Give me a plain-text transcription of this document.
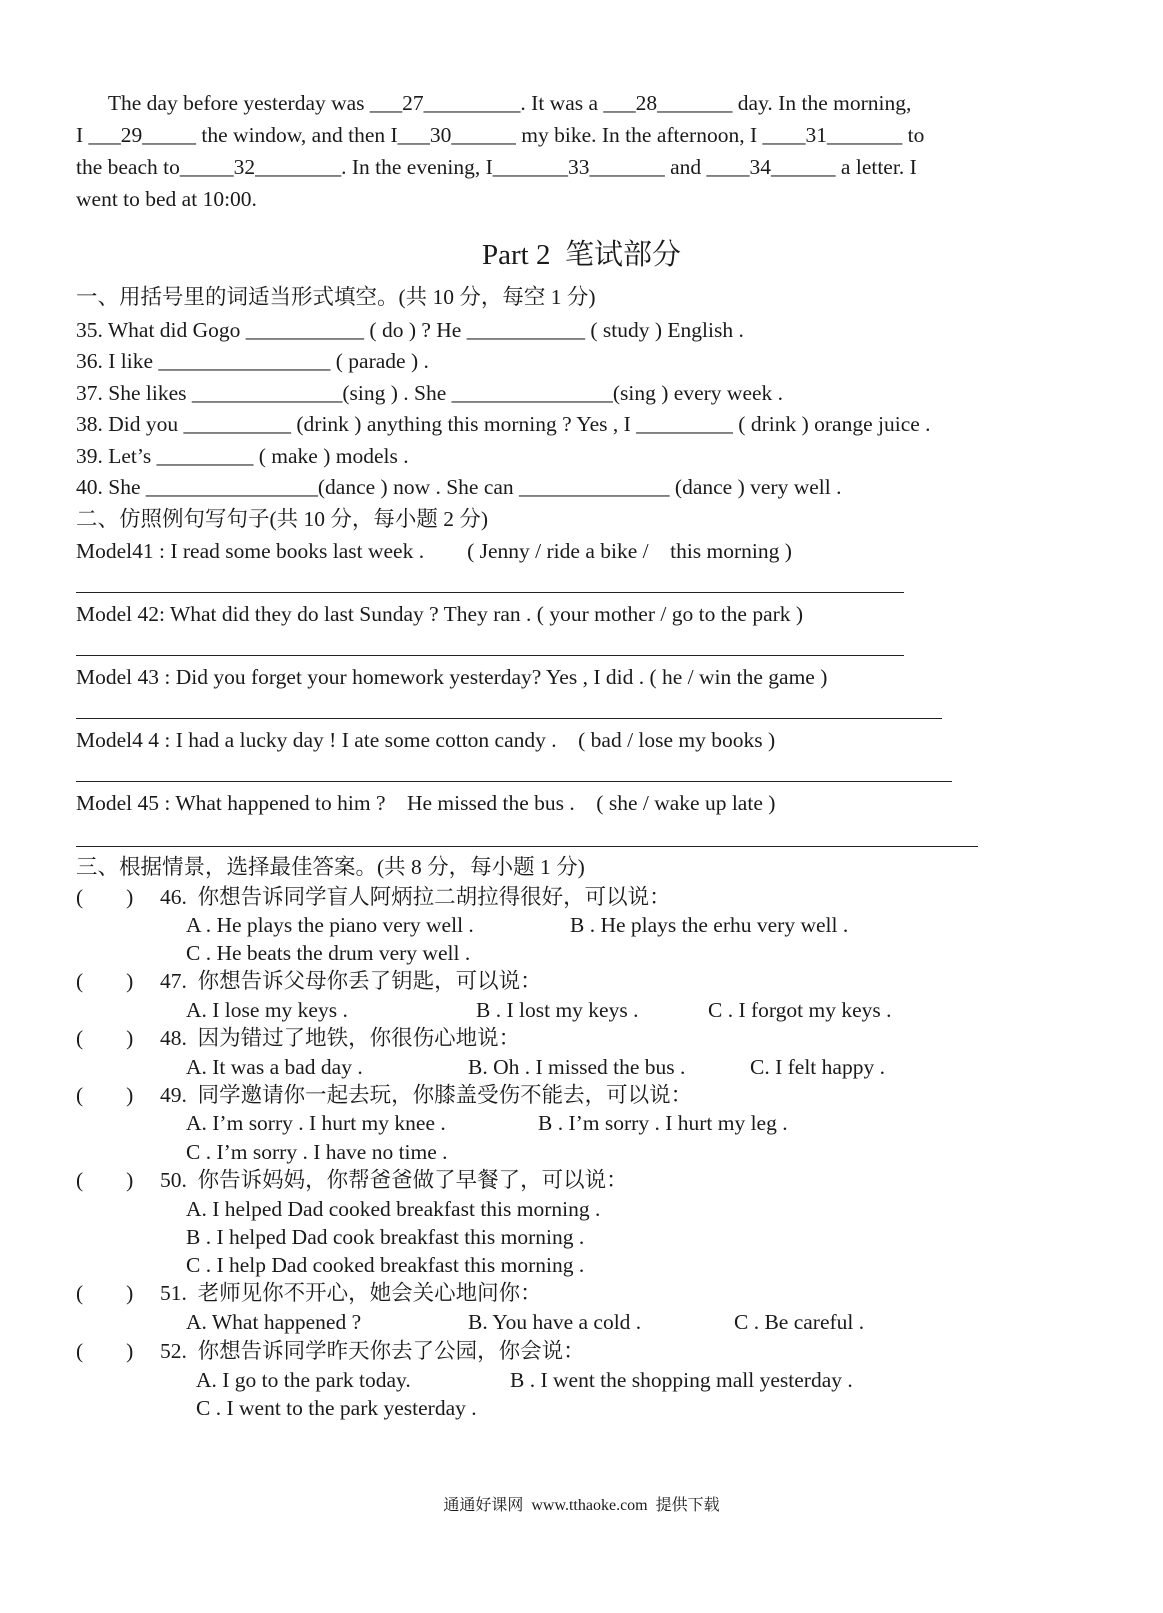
The day before yesterday was ___27_________. It was a ___28_______ day. In the morning,
I ___29_____ the window, and then I___30______ my bike. In the afternoon, I ____31_______ to
the beach to_____32________. In the evening, I_______33_______ and ____34______ a letter. I
went to bed at 10:00.
Part 2  笔试部分
一、用括号里的词适当形式填空。(共 10 分，每空 1 分)
35. What did Gogo ___________ ( do ) ? He ___________ ( study ) English .
36. I like ________________ ( parade ) .
37. She likes ______________(sing ) . She _______________(sing ) every week .
38. Did you __________ (drink ) anything this morning ? Yes , I _________ ( drink ) orange juice .
39. Let’s _________ ( make ) models .
40. She ________________(dance ) now . She can ______________ (dance ) very well .
二、仿照例句写句子(共 10 分，每小题 2 分)
Model41 : I read some books last week .        ( Jenny / ride a bike /    this morning )
Model 42: What did they do last Sunday ? They ran . ( your mother / go to the park )
Model 43 : Did you forget your homework yesterday? Yes , I did . ( he / win the game )
Model4 4 : I had a lucky day ! I ate some cotton candy .    ( bad / lose my books )
Model 45 : What happened to him ?    He missed the bus .    ( she / wake up late )
三、根据情景，选择最佳答案。(共 8 分，每小题 1 分)
(        ) 46.  你想告诉同学盲人阿炳拉二胡拉得很好，可以说：
A . He plays the piano very well .	B . He plays the erhu very well .
C . He beats the drum very well .
(        ) 47.  你想告诉父母你丢了钥匙，可以说：
A. I lose my keys .	B . I lost my keys .	C . I forgot my keys .
(        ) 48.  因为错过了地铁，你很伤心地说：
A. It was a bad day .	B. Oh . I missed the bus .	C. I felt happy .
(        ) 49.  同学邀请你一起去玩，你膝盖受伤不能去，可以说：
A. I’m sorry . I hurt my knee .	B . I’m sorry . I hurt my leg .
C . I’m sorry . I have no time .
(        ) 50.  你告诉妈妈，你帮爸爸做了早餐了，可以说：
A. I helped Dad cooked breakfast this morning .
B . I helped Dad cook breakfast this morning .
C . I help Dad cooked breakfast this morning .
(        ) 51.  老师见你不开心，她会关心地问你：
A. What happened ?	B. You have a cold .	C . Be careful .
(        ) 52.  你想告诉同学昨天你去了公园，你会说：
A. I go to the park today.	B . I went the shopping mall yesterday .
C . I went to the park yesterday .
通通好课网  www.tthaoke.com  提供下载
